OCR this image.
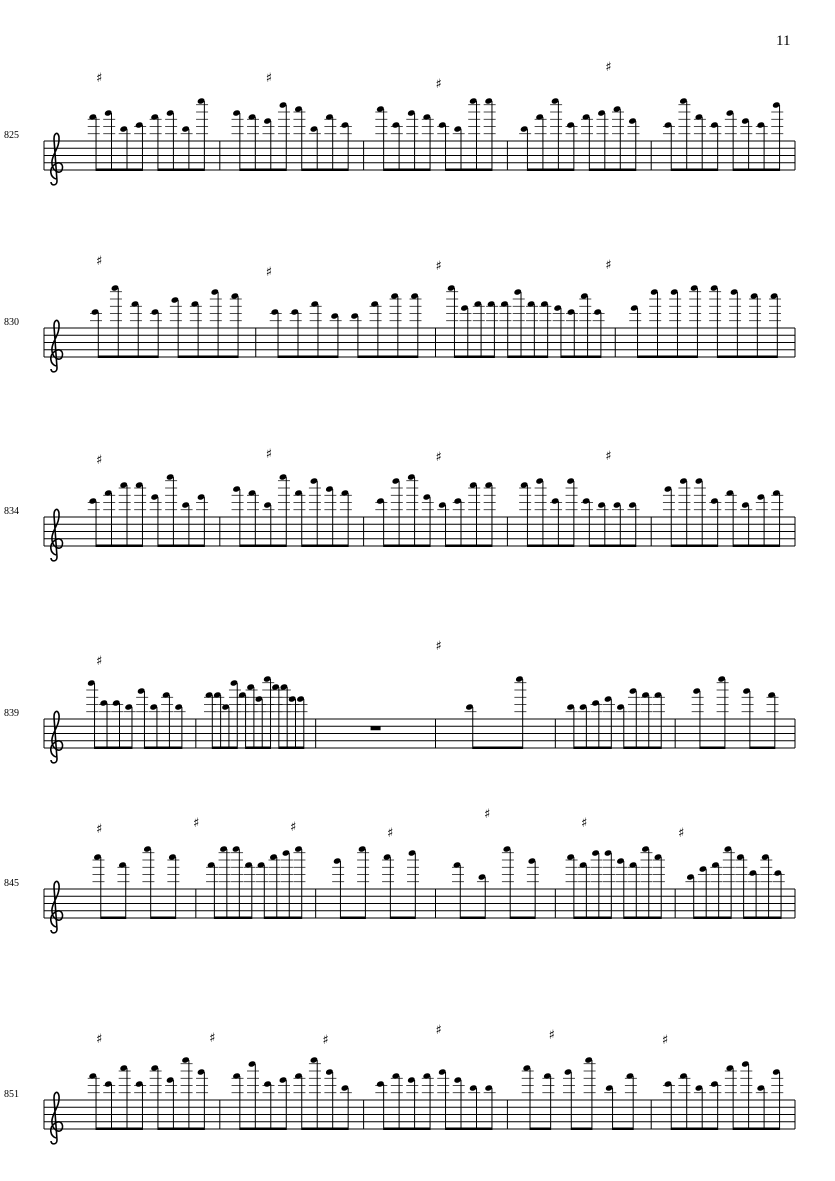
11
825
♯	♯	♯
♯
830
♯
♯	♯	♯
834
♯	♯	♯	♯
839
♯
♯
845
♯	♯	♯	♯
♯
♯
♯
851
♯	♯	♯
♯	♯	♯
